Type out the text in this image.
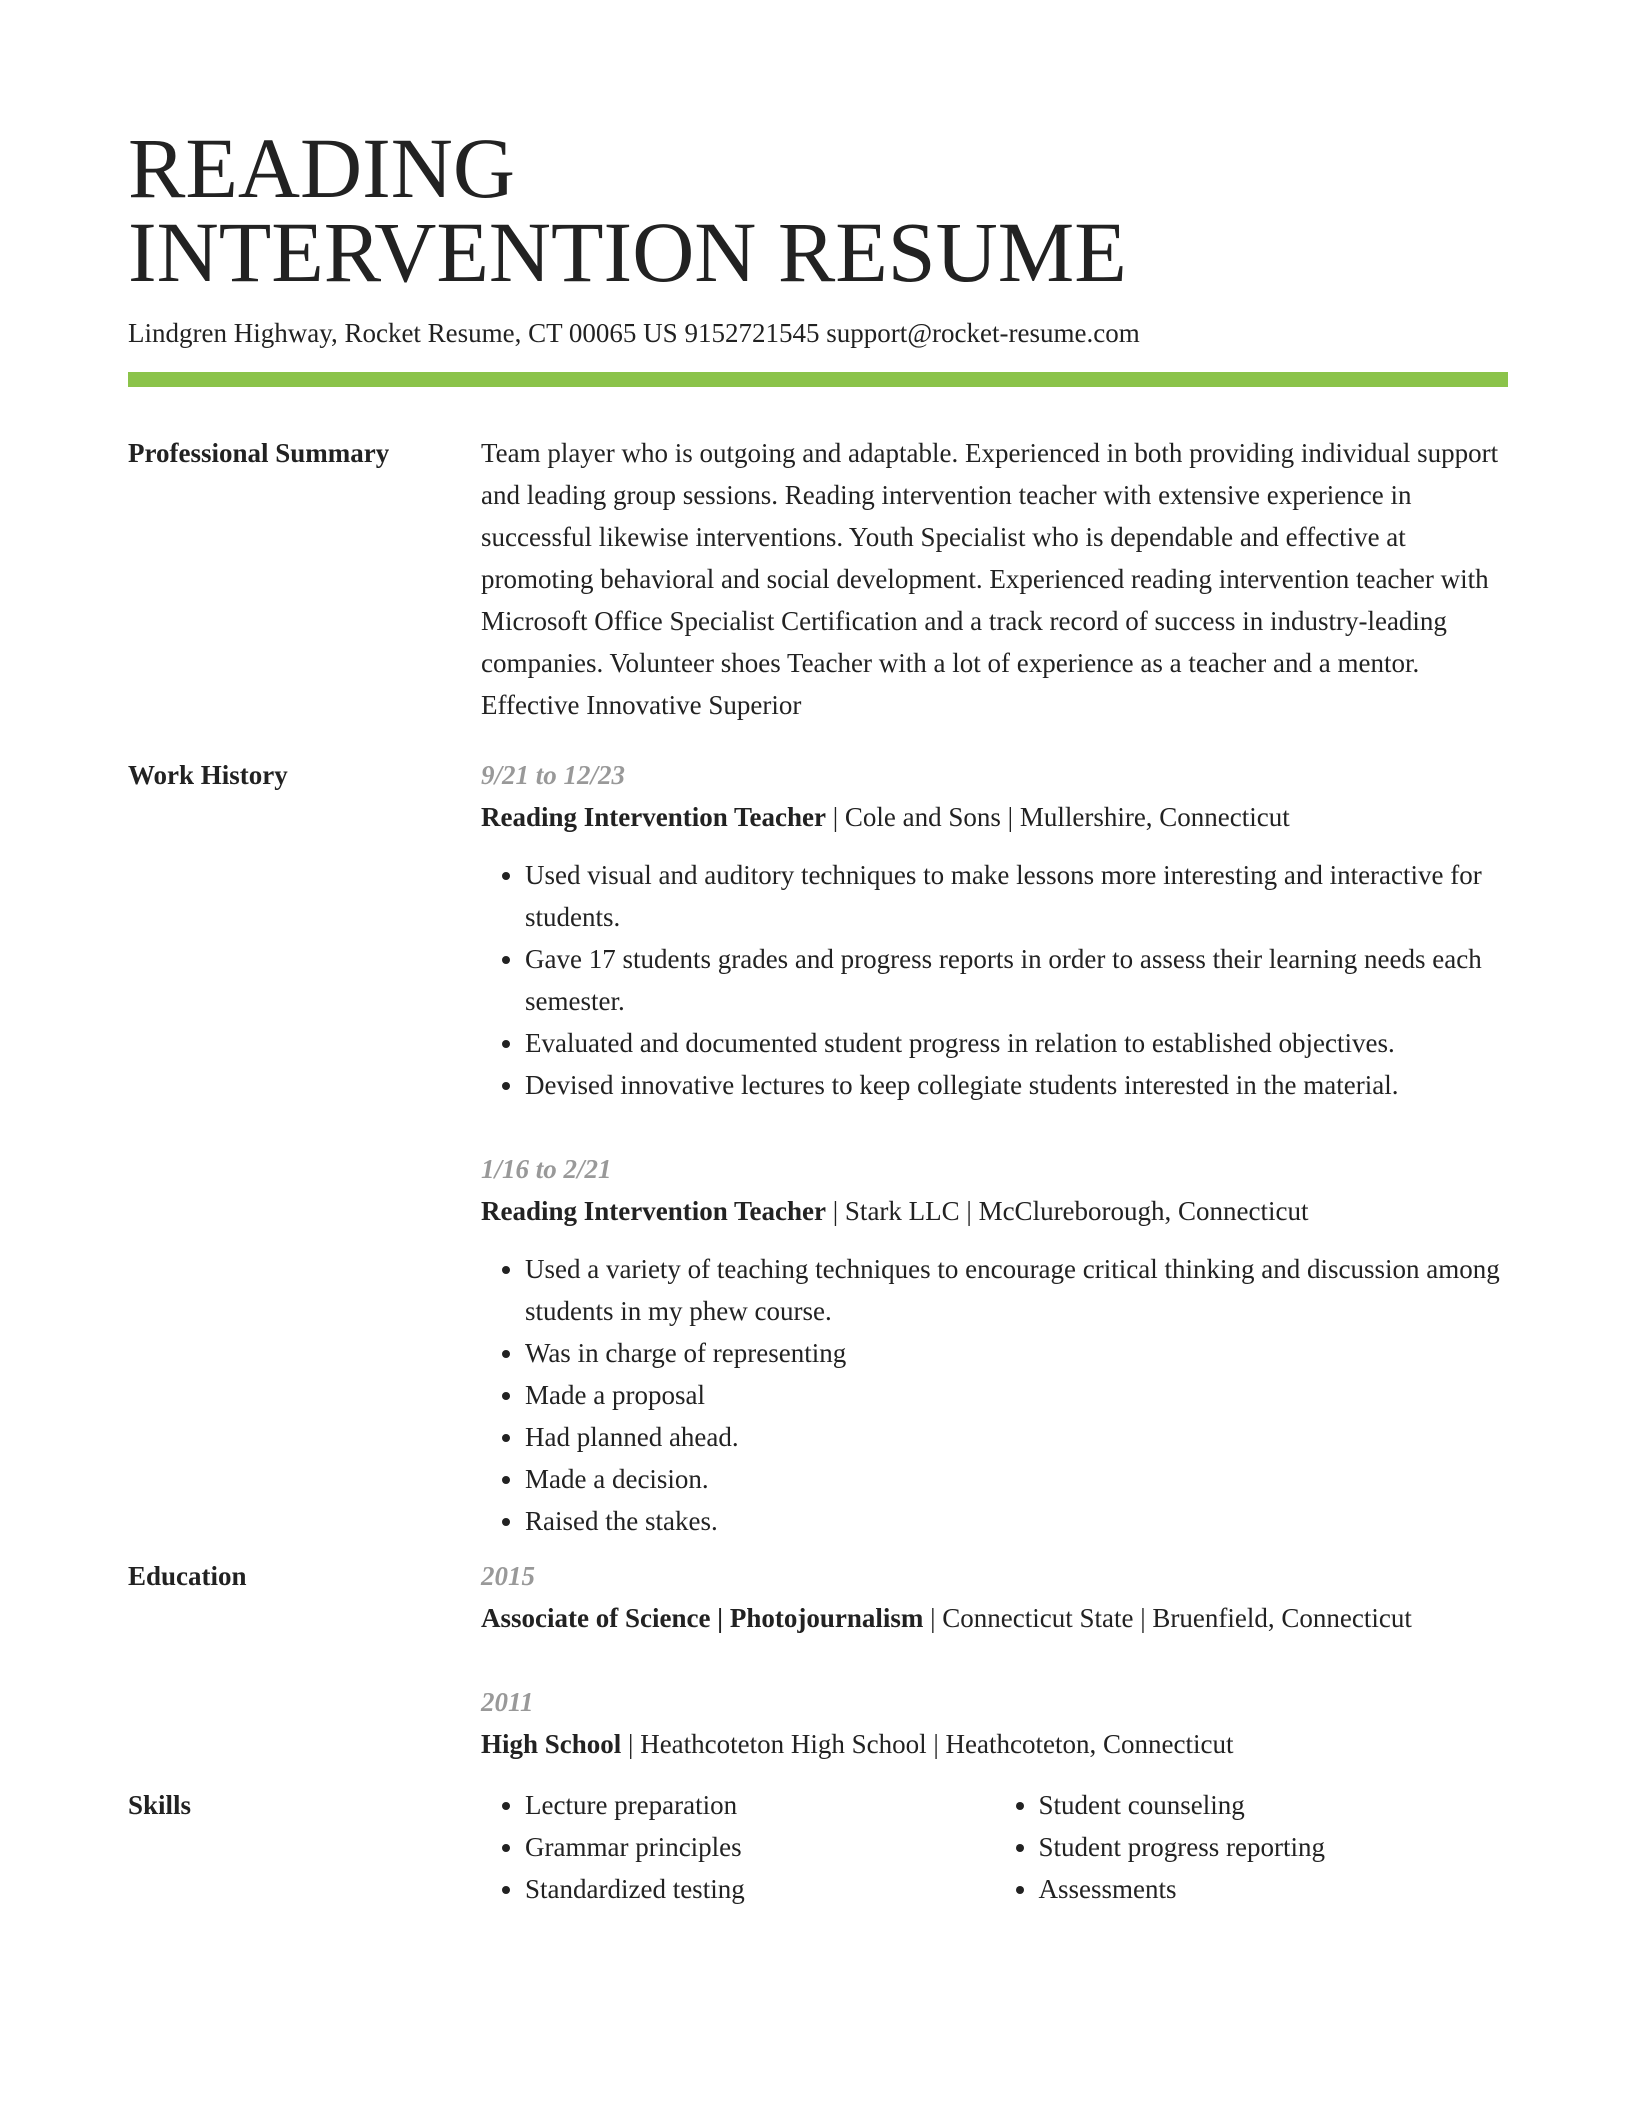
READING
INTERVENTION RESUME
Lindgren Highway, Rocket Resume, CT 00065 US 9152721545 support@rocket-resume.com
Professional Summary	Team player who is outgoing and adaptable. Experienced in both providing individual support and leading group sessions. Reading intervention teacher with extensive experience in successful likewise interventions. Youth Specialist who is dependable and effective at promoting behavioral and social development. Experienced reading intervention teacher with Microsoft Office Specialist Certification and a track record of success in industry-leading companies. Volunteer shoes Teacher with a lot of experience as a teacher and a mentor. Effective Innovative Superior
Work History	9/21 to 12/23
Reading Intervention Teacher | Cole and Sons | Mullershire, Connecticut
• Used visual and auditory techniques to make lessons more interesting and interactive for students.
• Gave 17 students grades and progress reports in order to assess their learning needs each semester.
• Evaluated and documented student progress in relation to established objectives.
• Devised innovative lectures to keep collegiate students interested in the material.
1/16 to 2/21
Reading Intervention Teacher | Stark LLC | McClureborough, Connecticut
• Used a variety of teaching techniques to encourage critical thinking and discussion among students in my phew course.
• Was in charge of representing
• Made a proposal
• Had planned ahead.
• Made a decision.
• Raised the stakes.
Education	2015
Associate of Science | Photojournalism | Connecticut State | Bruenfield, Connecticut
2011
High School | Heathcoteton High School | Heathcoteton, Connecticut
Skills
•	Lecture preparation
• Grammar principles
• Standardized testing
• Student counseling
• Student progress reporting
• Assessments
